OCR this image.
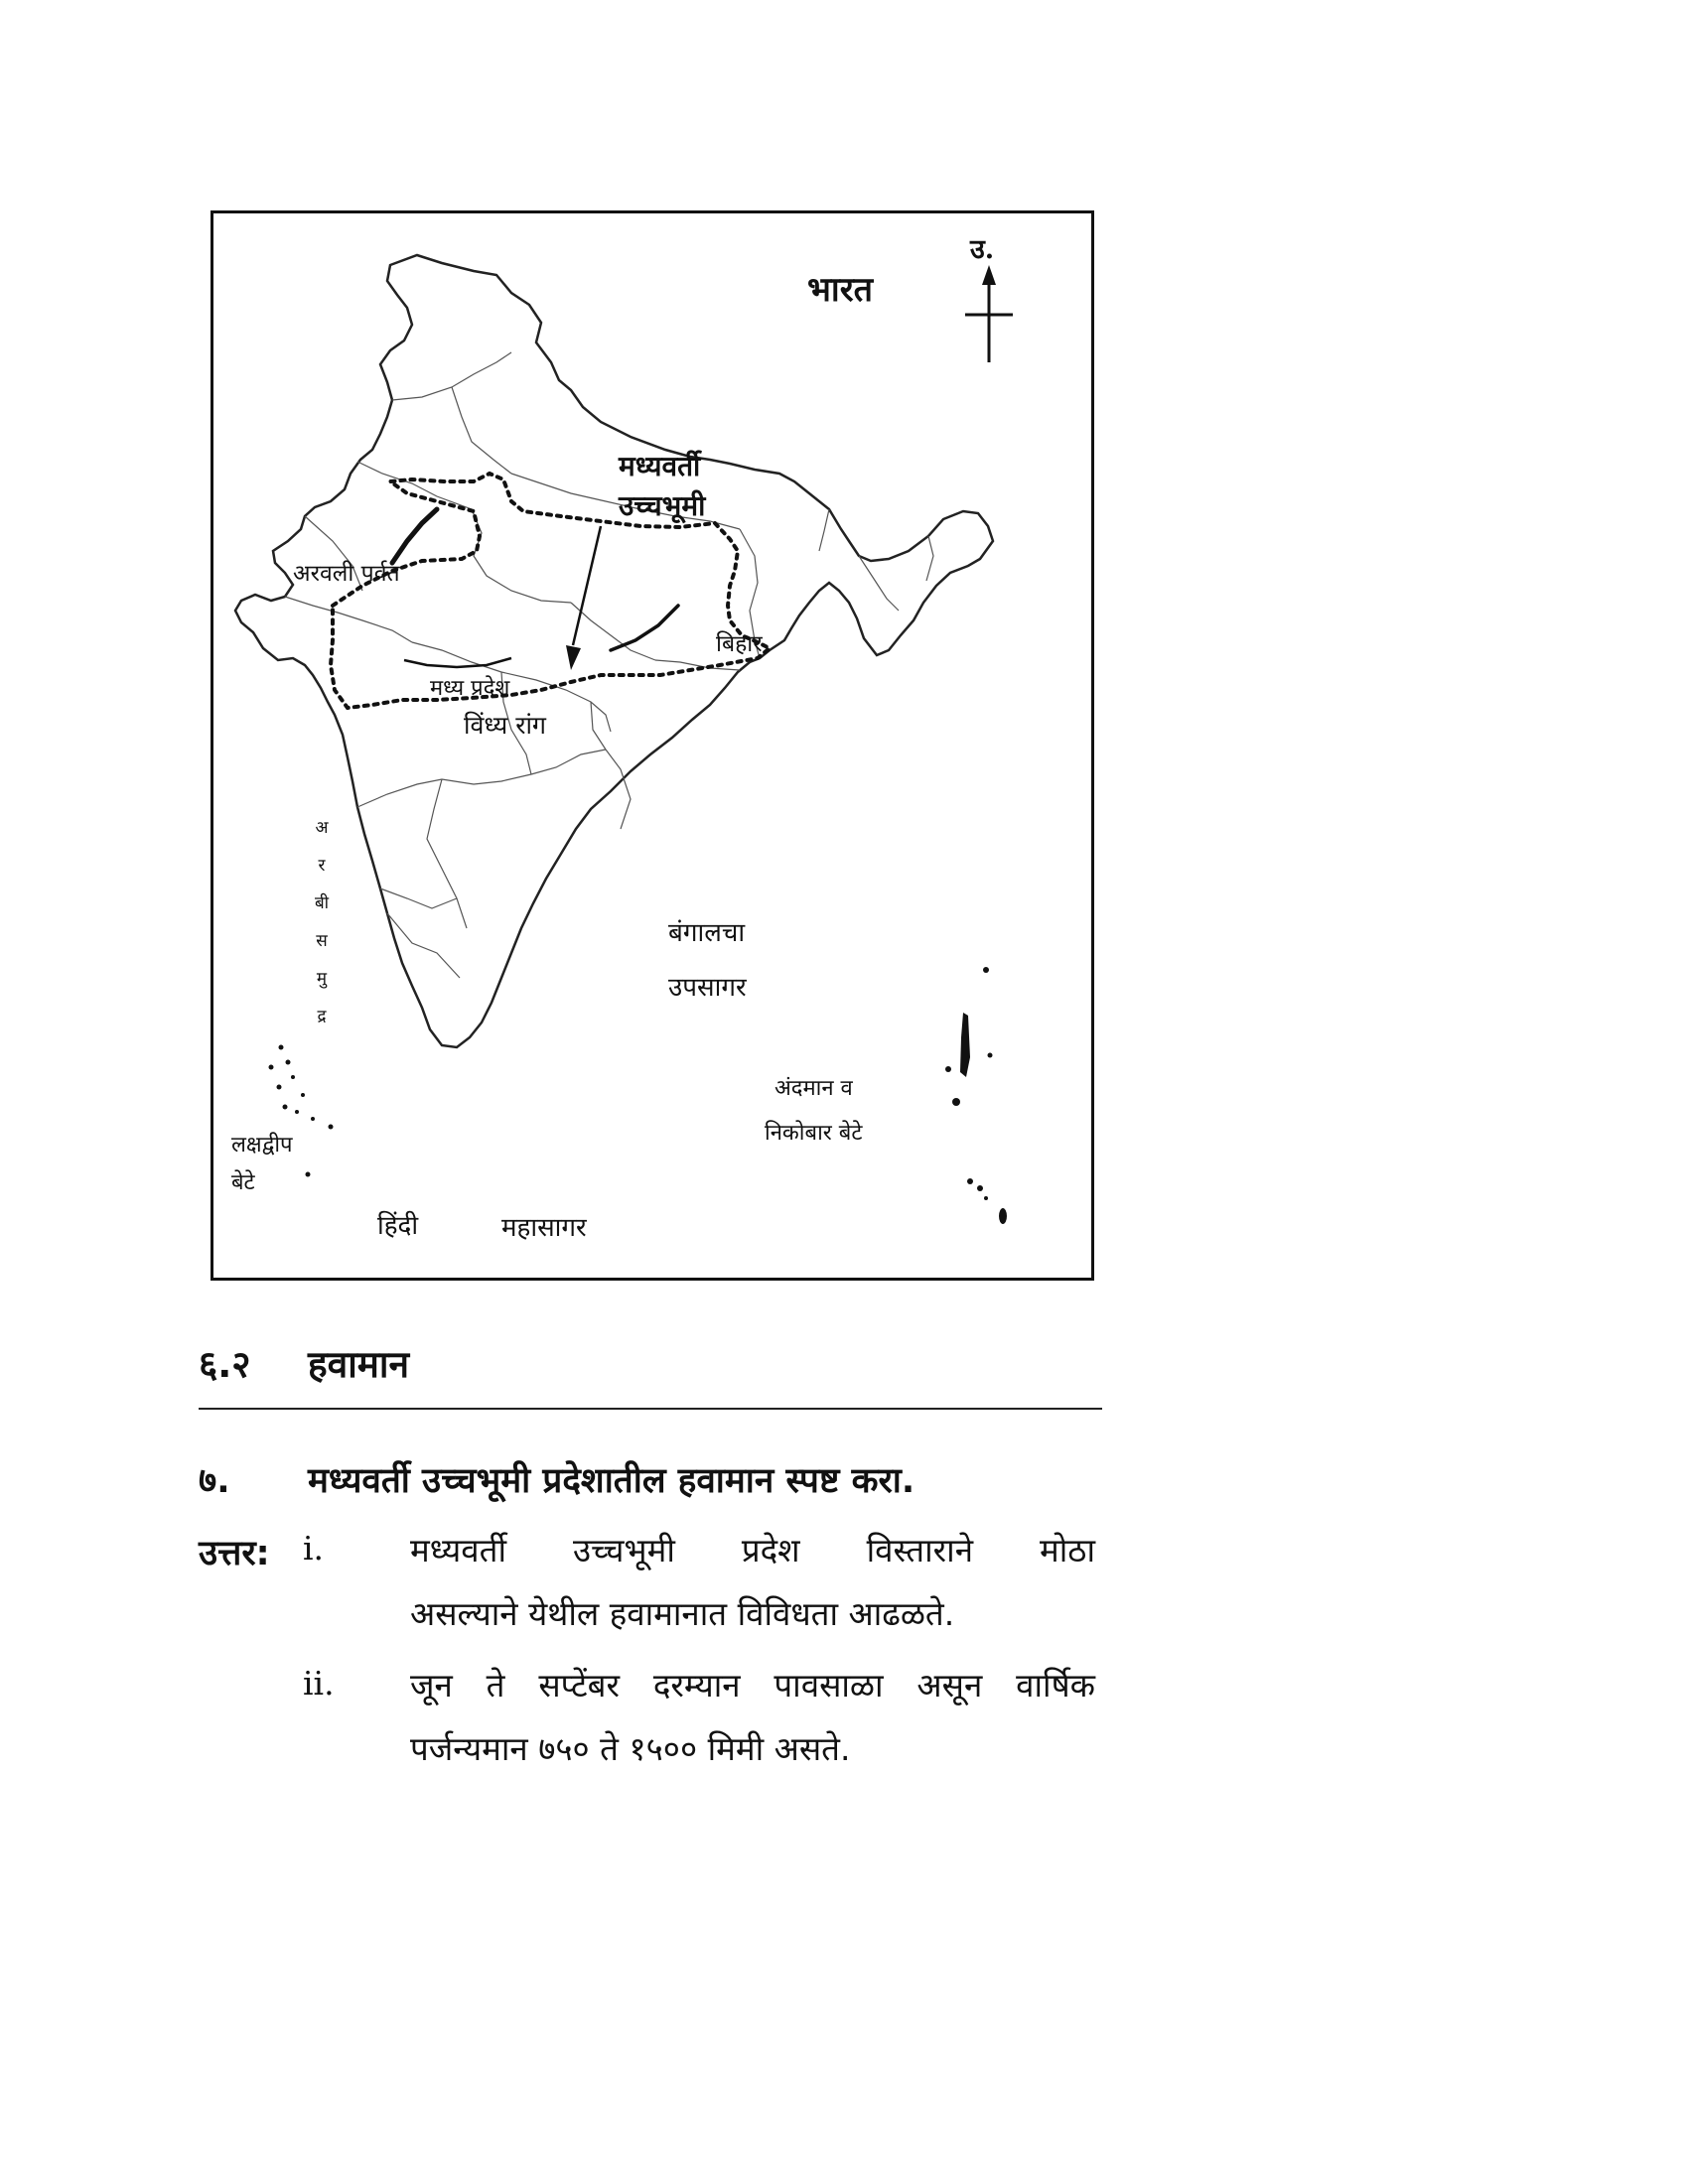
भारत
उ.
मध्यवर्ती
उच्चभूमी
अरवली पर्वत
बिहार
मध्य प्रदेश
विंध्य रांग
अ
र
बी
स
मु
द्र
बंगालचा
उपसागर
अंदमान व
निकोबार बेटे
लक्षद्वीप
बेटे
हिंदी	महासागर
६.२ हवामान
७. मध्यवर्ती उच्चभूमी प्रदेशातील हवामान स्पष्ट करा.
उत्तर: i.	मध्यवर्ती उच्चभूमी प्रदेश विस्ताराने मोठा
असल्याने येथील हवामानात विविधता आढळते.
ii. जून ते सप्टेंबर दरम्यान पावसाळा असून वार्षिक
पर्जन्यमान ७५० ते १५०० मिमी असते.
